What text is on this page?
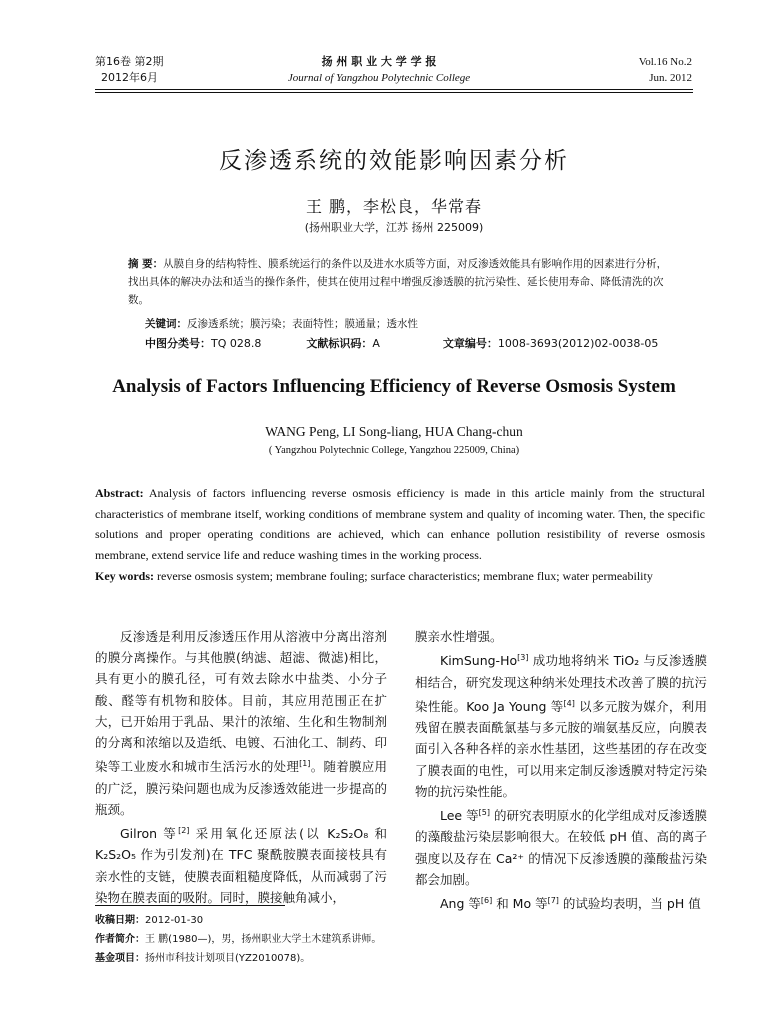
第16卷 第2期
2012年6月
扬 州 职 业 大 学 学 报
Journal of Yangzhou Polytechnic College
Vol.16 No.2
Jun. 2012
反渗透系统的效能影响因素分析
王 鹏，李松良，华常春
(扬州职业大学，江苏 扬州 225009)
摘 要：从膜自身的结构特性、膜系统运行的条件以及进水水质等方面，对反渗透效能具有影响作用的因素进行分析，找出具体的解决办法和适当的操作条件，使其在使用过程中增强反渗透膜的抗污染性、延长使用寿命、降低清洗的次数。
关键词：反渗透系统；膜污染；表面特性；膜通量；透水性
中图分类号：TQ 028.8	文献标识码：A	文章编号：1008-3693(2012)02-0038-05
Analysis of Factors Influencing Efficiency of Reverse Osmosis System
WANG Peng, LI Song-liang, HUA Chang-chun
( Yangzhou Polytechnic College, Yangzhou 225009, China)
Abstract: Analysis of factors influencing reverse osmosis efficiency is made in this article mainly from the structural characteristics of membrane itself, working conditions of membrane system and quality of incoming water. Then, the specific solutions and proper operating conditions are achieved, which can enhance pollution resistibility of reverse osmosis membrane, extend service life and reduce washing times in the working process.
Key words: reverse osmosis system; membrane fouling; surface characteristics; membrane flux; water permeability

反渗透是利用反渗透压作用从溶液中分离出溶剂的膜分离操作。与其他膜(纳滤、超滤、微滤)相比，具有更小的膜孔径，可有效去除水中盐类、小分子酸、醛等有机物和胶体。目前，其应用范围正在扩大，已开始用于乳品、果汁的浓缩、生化和生物制剂的分离和浓缩以及造纸、电镀、石油化工、制药、印染等工业废水和城市生活污水的处理[1]。随着膜应用的广泛，膜污染问题也成为反渗透效能进一步提高的瓶颈。

Gilron 等[2] 采用氧化还原法(以 K₂S₂O₈ 和 K₂S₂O₅ 作为引发剂)在 TFC 聚酰胺膜表面接枝具有亲水性的支链，使膜表面粗糙度降低，从而减弱了污染物在膜表面的吸附。同时，膜接触角减小，

膜亲水性增强。

KimSung-Ho[3] 成功地将纳米 TiO₂ 与反渗透膜相结合，研究发现这种纳米处理技术改善了膜的抗污染性能。Koo Ja Young 等[4] 以多元胺为媒介，利用残留在膜表面酰氯基与多元胺的端氨基反应，向膜表面引入各种各样的亲水性基团，这些基团的存在改变了膜表面的电性，可以用来定制反渗透膜对特定污染物的抗污染性能。

Lee 等[5] 的研究表明原水的化学组成对反渗透膜的藻酸盐污染层影响很大。在较低 pH 值、高的离子强度以及存在 Ca²⁺ 的情况下反渗透膜的藻酸盐污染都会加剧。

Ang 等[6] 和 Mo 等[7] 的试验均表明，当 pH 值

收稿日期：2012-01-30
作者简介：王 鹏(1980—)，男，扬州职业大学土木建筑系讲师。
基金项目：扬州市科技计划项目(YZ2010078)。
